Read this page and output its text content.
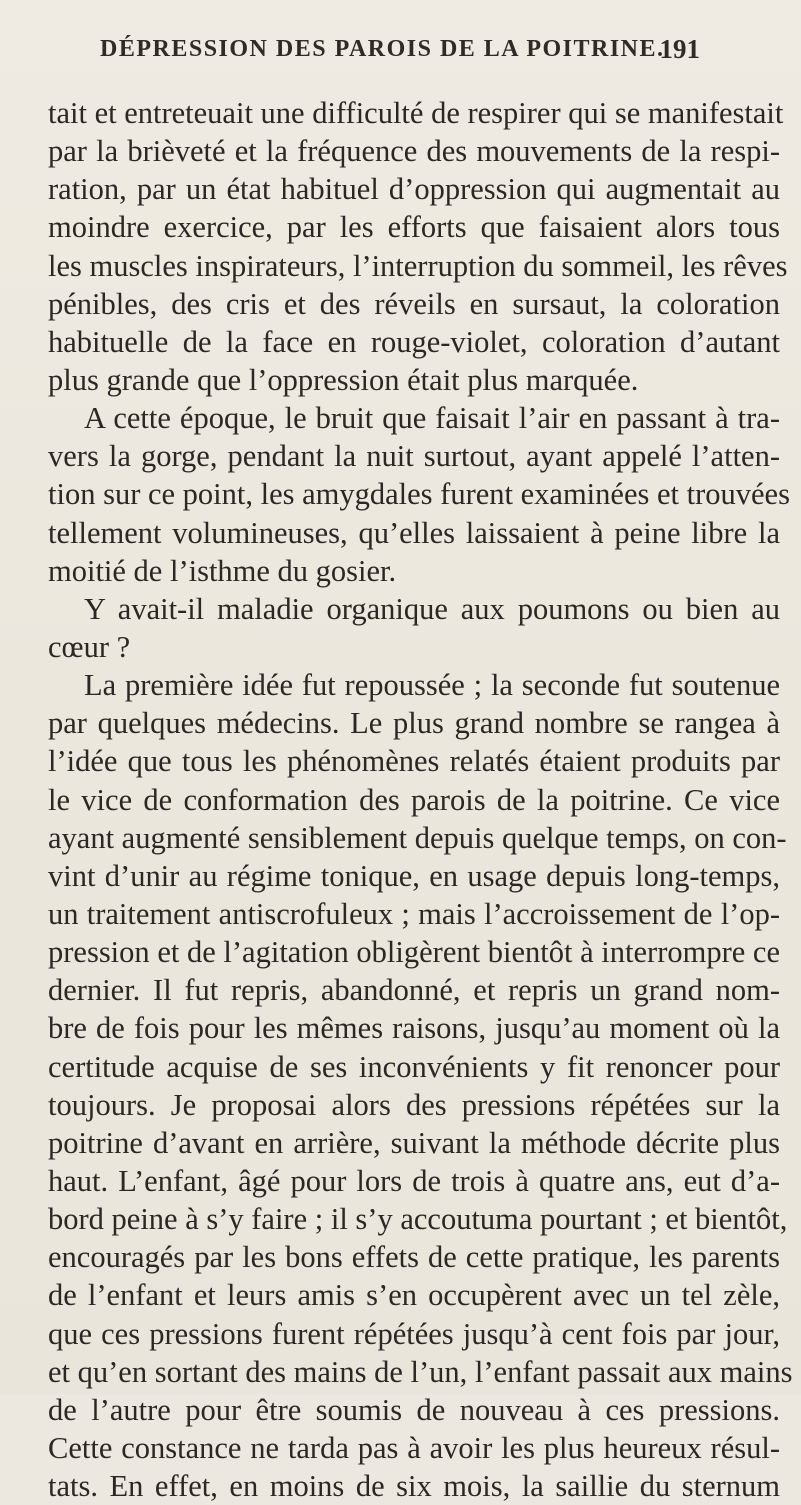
DÉPRESSION DES PAROIS DE LA POITRINE.
191
tait et entreteuait une difficulté de respirer qui se manifestait
par la brièveté et la fréquence des mouvements de la respi-
ration, par un état habituel d’oppression qui augmentait au
moindre exercice, par les efforts que faisaient alors tous
les muscles inspirateurs, l’interruption du sommeil, les rêves
pénibles, des cris et des réveils en sursaut, la coloration
habituelle de la face en rouge-violet, coloration d’autant
plus grande que l’oppression était plus marquée.
A cette époque, le bruit que faisait l’air en passant à tra-
vers la gorge, pendant la nuit surtout, ayant appelé l’atten-
tion sur ce point, les amygdales furent examinées et trouvées
tellement volumineuses, qu’elles laissaient à peine libre la
moitié de l’isthme du gosier.
Y avait-il maladie organique aux poumons ou bien au
cœur ?
La première idée fut repoussée ; la seconde fut soutenue
par quelques médecins. Le plus grand nombre se rangea à
l’idée que tous les phénomènes relatés étaient produits par
le vice de conformation des parois de la poitrine. Ce vice
ayant augmenté sensiblement depuis quelque temps, on con-
vint d’unir au régime tonique, en usage depuis long-temps,
un traitement antiscrofuleux ; mais l’accroissement de l’op-
pression et de l’agitation obligèrent bientôt à interrompre ce
dernier. Il fut repris, abandonné, et repris un grand nom-
bre de fois pour les mêmes raisons, jusqu’au moment où la
certitude acquise de ses inconvénients y fit renoncer pour
toujours. Je proposai alors des pressions répétées sur la
poitrine d’avant en arrière, suivant la méthode décrite plus
haut. L’enfant, âgé pour lors de trois à quatre ans, eut d’a-
bord peine à s’y faire ; il s’y accoutuma pourtant ; et bientôt,
encouragés par les bons effets de cette pratique, les parents
de l’enfant et leurs amis s’en occupèrent avec un tel zèle,
que ces pressions furent répétées jusqu’à cent fois par jour,
et qu’en sortant des mains de l’un, l’enfant passait aux mains
de l’autre pour être soumis de nouveau à ces pressions.
Cette constance ne tarda pas à avoir les plus heureux résul-
tats. En effet, en moins de six mois, la saillie du sternum
